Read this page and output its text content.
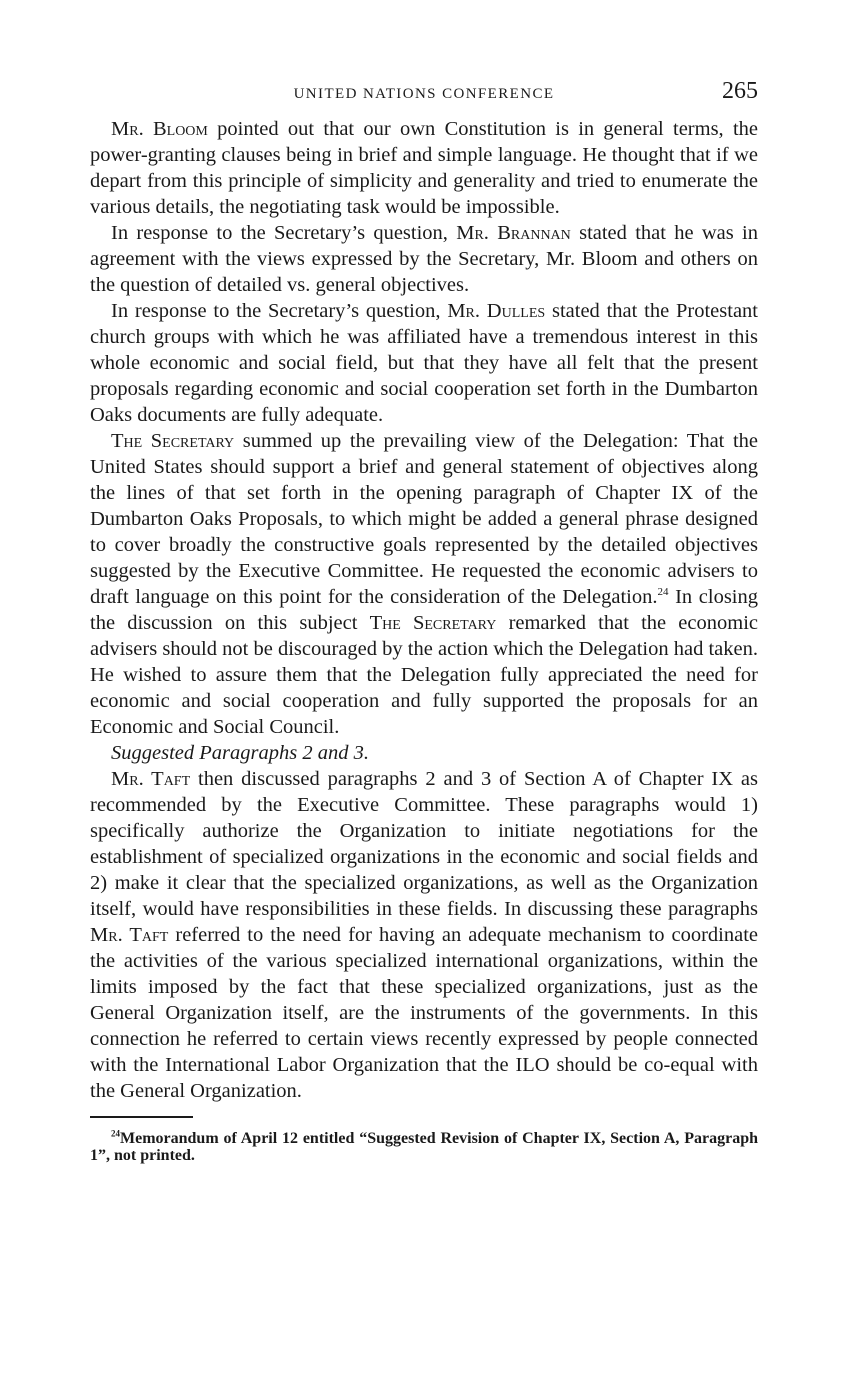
UNITED NATIONS CONFERENCE	265

Mr. Bloom pointed out that our own Constitution is in general terms, the power-granting clauses being in brief and simple language. He thought that if we depart from this principle of simplicity and generality and tried to enumerate the various details, the negotiating task would be impossible.

In response to the Secretary’s question, Mr. Brannan stated that he was in agreement with the views expressed by the Secretary, Mr. Bloom and others on the question of detailed vs. general objectives.

In response to the Secretary’s question, Mr. Dulles stated that the Protestant church groups with which he was affiliated have a tremendous interest in this whole economic and social field, but that they have all felt that the present proposals regarding economic and social cooperation set forth in the Dumbarton Oaks documents are fully adequate.

The Secretary summed up the prevailing view of the Delegation: That the United States should support a brief and general statement of objectives along the lines of that set forth in the opening paragraph of Chapter IX of the Dumbarton Oaks Proposals, to which might be added a general phrase designed to cover broadly the constructive goals represented by the detailed objectives suggested by the Executive Committee. He requested the economic advisers to draft language on this point for the consideration of the Delegation.$^{24}$ In closing the discussion on this subject The Secretary remarked that the economic advisers should not be discouraged by the action which the Delegation had taken. He wished to assure them that the Delegation fully appreciated the need for economic and social cooperation and fully supported the proposals for an Economic and Social Council.

Suggested Paragraphs 2 and 3.

Mr. Taft then discussed paragraphs 2 and 3 of Section A of Chapter IX as recommended by the Executive Committee. These paragraphs would 1) specifically authorize the Organization to initiate negotiations for the establishment of specialized organizations in the economic and social fields and 2) make it clear that the specialized organizations, as well as the Organization itself, would have responsibilities in these fields. In discussing these paragraphs Mr. Taft referred to the need for having an adequate mechanism to coordinate the activities of the various specialized international organizations, within the limits imposed by the fact that these specialized organizations, just as the General Organization itself, are the instruments of the governments. In this connection he referred to certain views recently expressed by people connected with the International Labor Organization that the ILO should be co-equal with the General Organization.

$^{24}$Memorandum of April 12 entitled “Suggested Revision of Chapter IX, Section A, Paragraph 1”, not printed.
